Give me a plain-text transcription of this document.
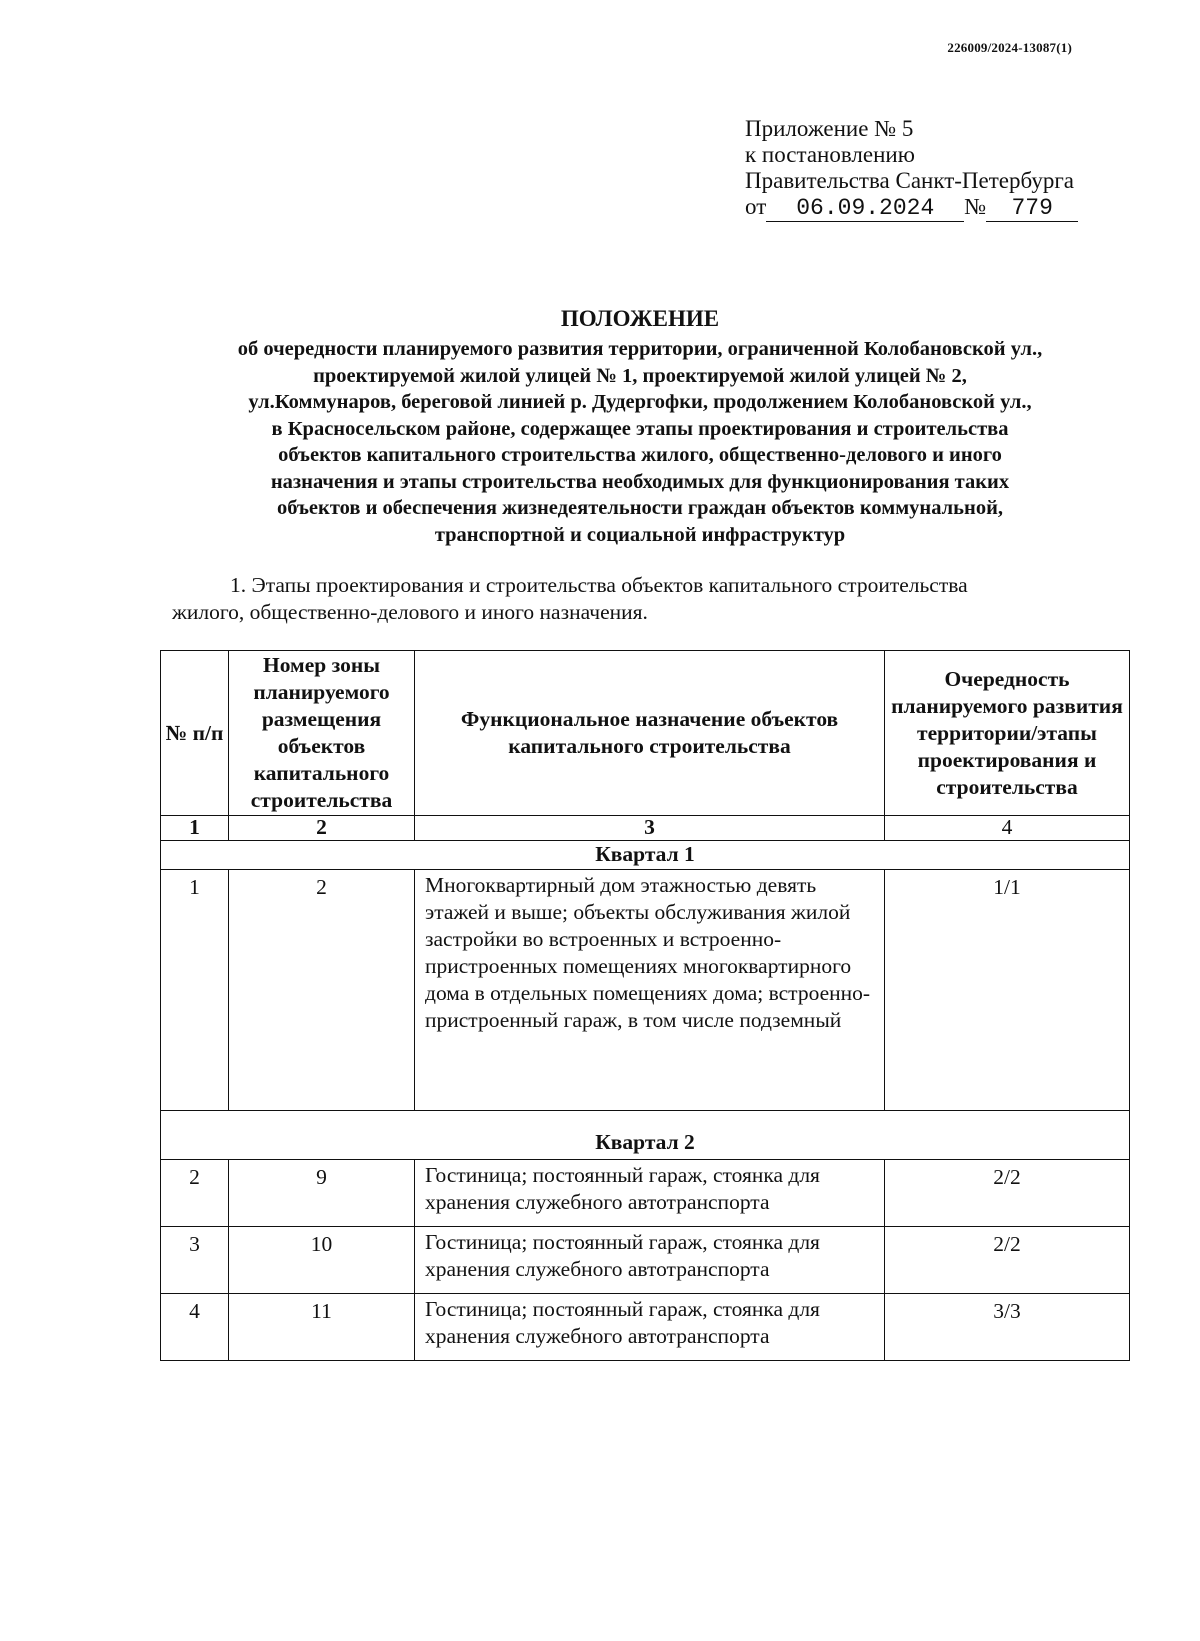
226009/2024-13087(1)
Приложение № 5
к постановлению
Правительства Санкт-Петербурга
от 06.09.2024 № 779
ПОЛОЖЕНИЕ
об очередности планируемого развития территории, ограниченной Колобановской ул.,
проектируемой жилой улицей № 1, проектируемой жилой улицей № 2,
ул.Коммунаров, береговой линией р. Дудергофки, продолжением Колобановской ул.,
в Красносельском районе, содержащее этапы проектирования и строительства
объектов капитального строительства жилого, общественно-делового и иного
назначения и этапы строительства необходимых для функционирования таких
объектов и обеспечения жизнедеятельности граждан объектов коммунальной,
транспортной и социальной инфраструктур
1. Этапы проектирования и строительства объектов капитального строительства
жилого, общественно-делового и иного назначения.
№ п/п	Номер зоны планируемого размещения объектов капитального строительства	Функциональное назначение объектов капитального строительства	Очередность планируемого развития территории/этапы проектирования и строительства
1	2	3	4
Квартал 1			
1	2	Многоквартирный дом этажностью девять этажей и выше; объекты обслуживания жилой застройки во встроенных и встроенно-пристроенных помещениях многоквартирного дома в отдельных помещениях дома; встроенно-пристроенный гараж, в том числе подземный	1/1
Квартал 2			
2	9	Гостиница; постоянный гараж, стоянка для хранения служебного автотранспорта	2/2
3	10	Гостиница; постоянный гараж, стоянка для хранения служебного автотранспорта	2/2
4	11	Гостиница; постоянный гараж, стоянка для хранения служебного автотранспорта	3/3
